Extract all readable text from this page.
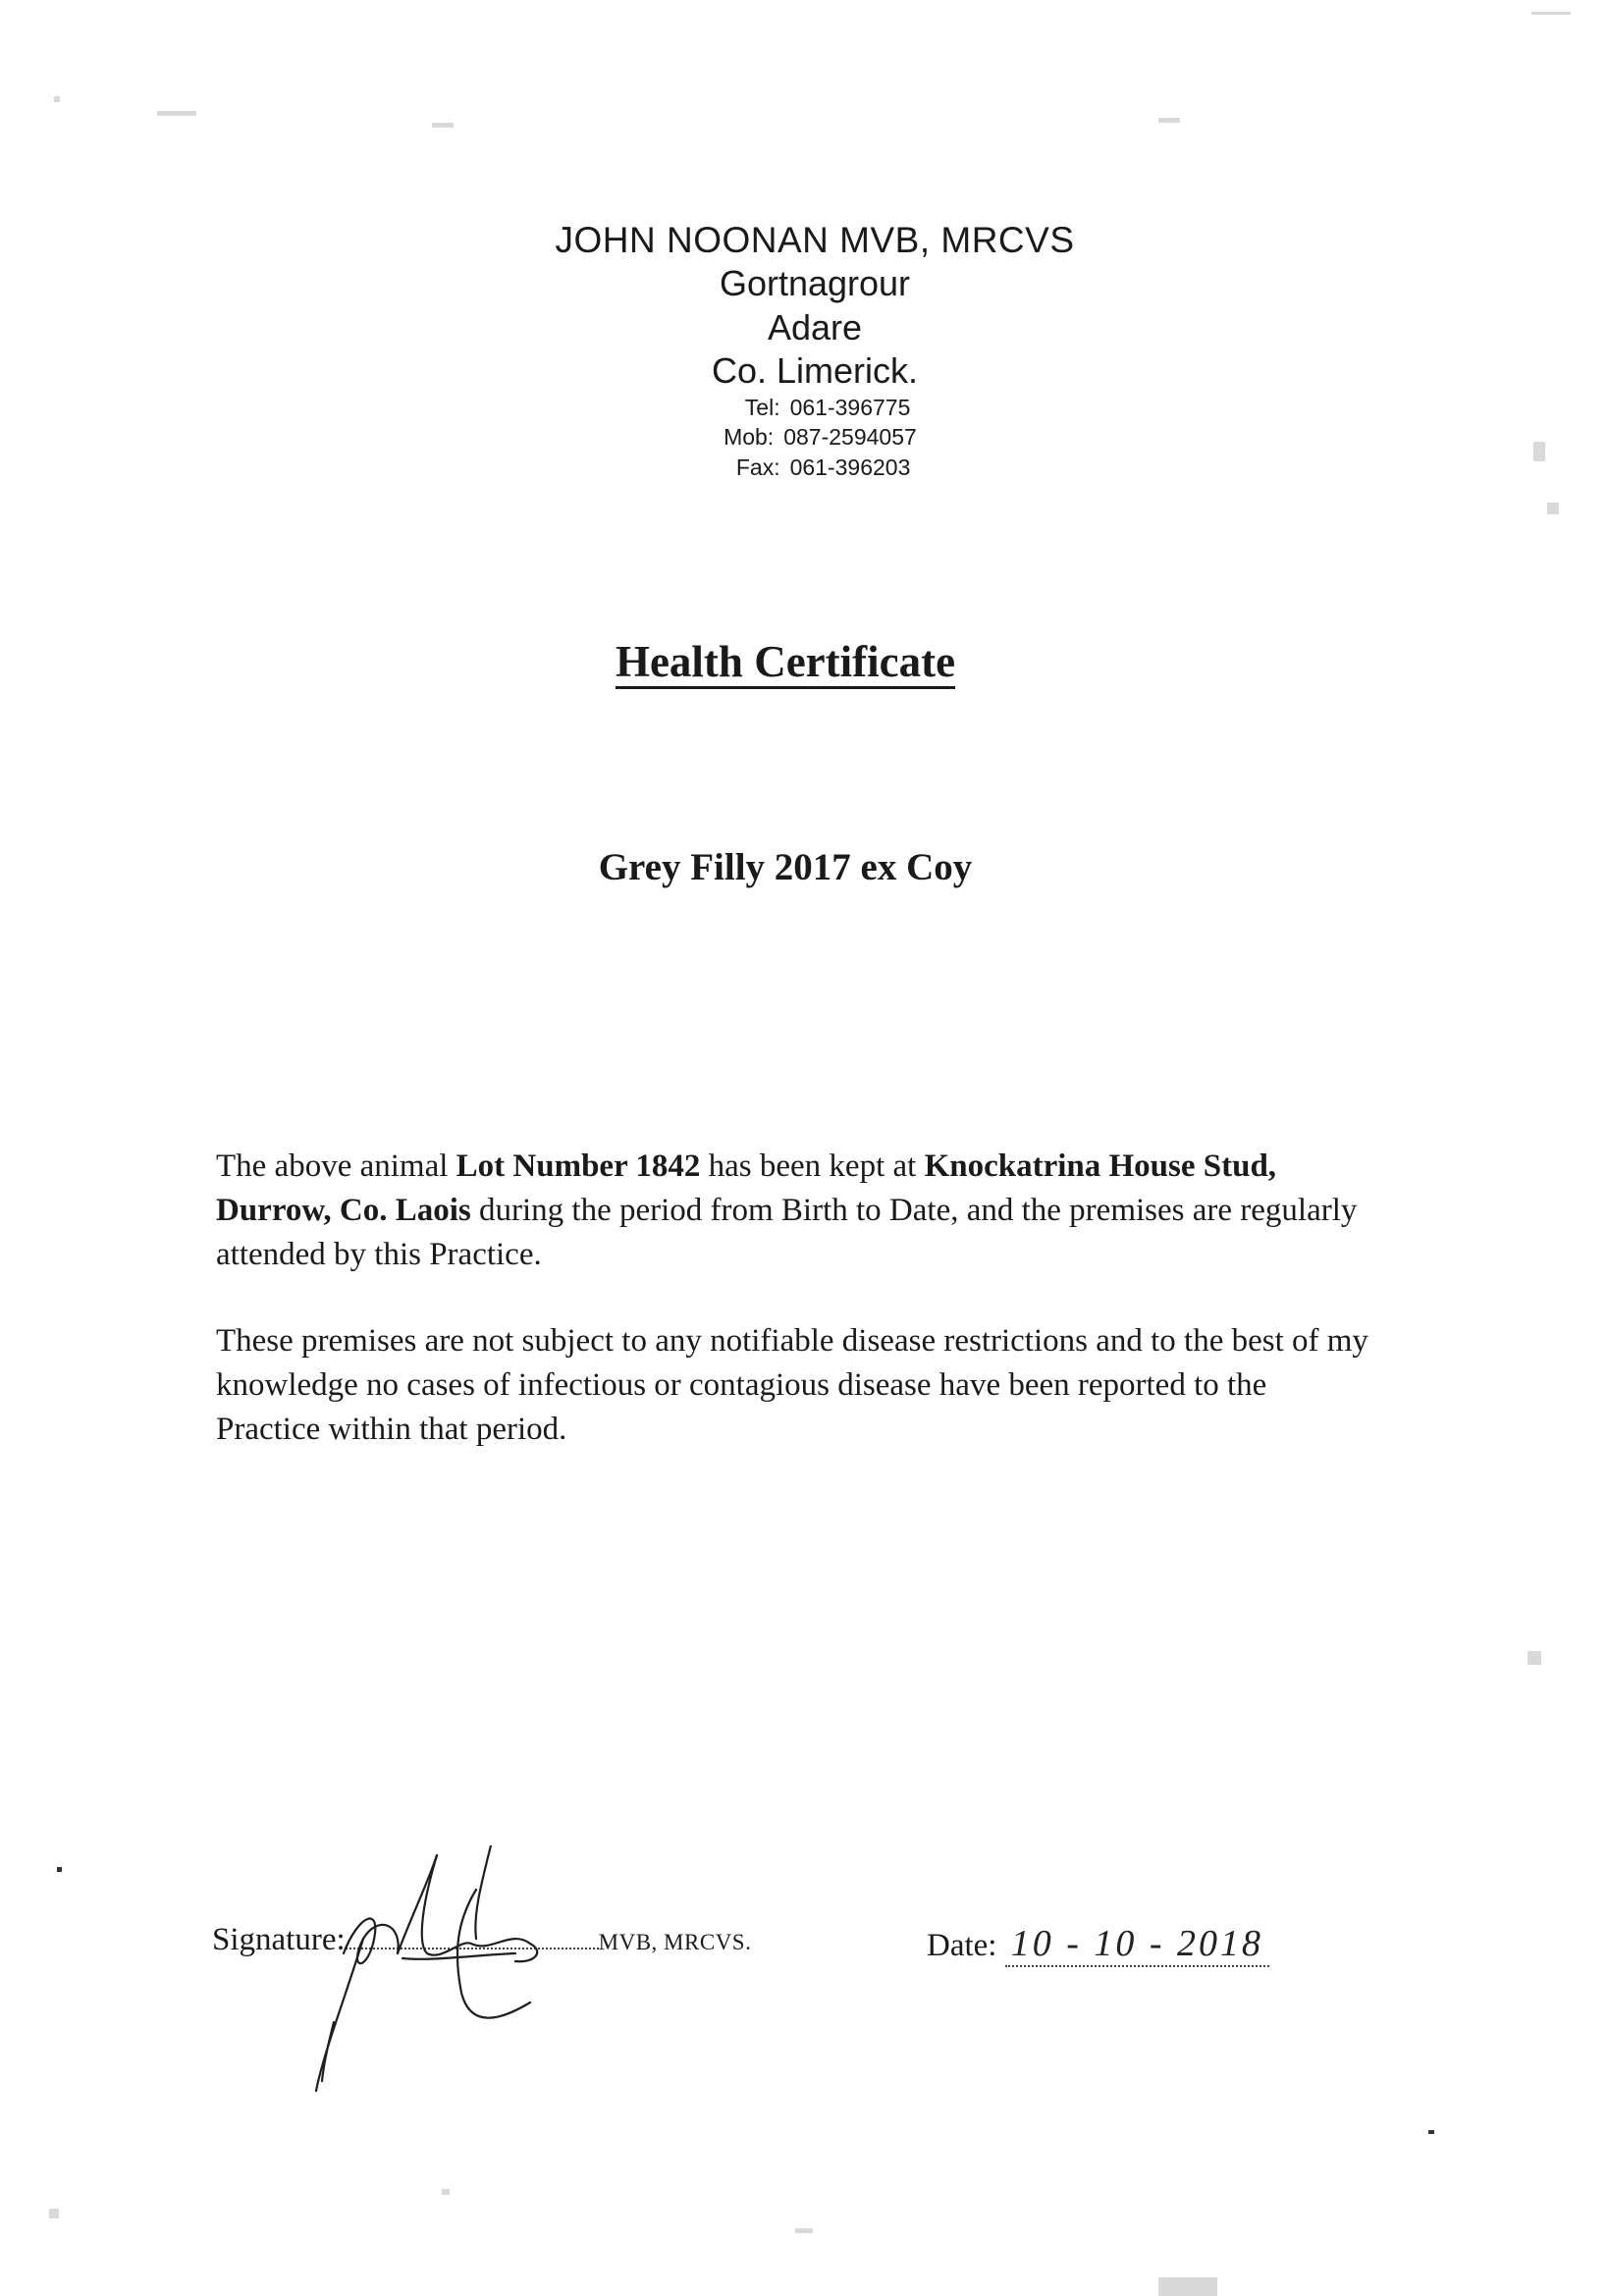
JOHN NOONAN MVB, MRCVS
Gortnagrour
Adare
Co. Limerick.
Tel: 061-396775
Mob: 087-2594057
Fax: 061-396203
Health Certificate
Grey Filly 2017 ex Coy
The above animal Lot Number 1842 has been kept at Knockatrina House Stud, Durrow, Co. Laois during the period from Birth to Date, and the premises are regularly attended by this Practice.
These premises are not subject to any notifiable disease restrictions and to the best of my knowledge no cases of infectious or contagious disease have been reported to the Practice within that period.
Signature:	MVB, MRCVS.	Date: 10 - 10 - 2018
